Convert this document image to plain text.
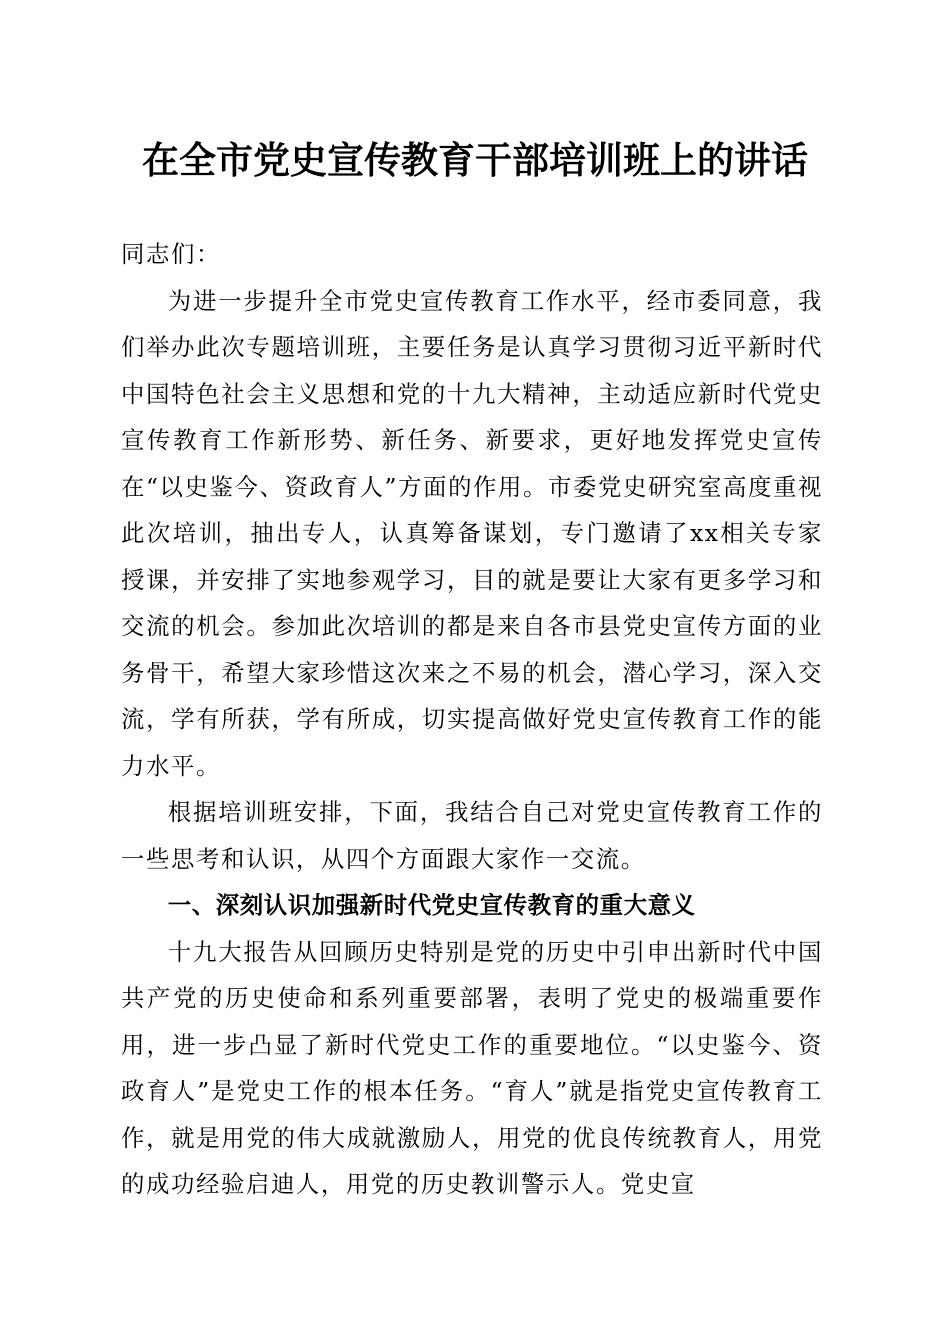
在全市党史宣传教育干部培训班上的讲话

同志们：

为进一步提升全市党史宣传教育工作水平，经市委同意，我们举办此次专题培训班，主要任务是认真学习贯彻习近平新时代中国特色社会主义思想和党的十九大精神，主动适应新时代党史宣传教育工作新形势、新任务、新要求，更好地发挥党史宣传在“以史鉴今、资政育人”方面的作用。市委党史研究室高度重视此次培训，抽出专人，认真筹备谋划，专门邀请了xx相关专家授课，并安排了实地参观学习，目的就是要让大家有更多学习和交流的机会。参加此次培训的都是来自各市县党史宣传方面的业务骨干，希望大家珍惜这次来之不易的机会，潜心学习，深入交流，学有所获，学有所成，切实提高做好党史宣传教育工作的能力水平。

根据培训班安排，下面，我结合自己对党史宣传教育工作的一些思考和认识，从四个方面跟大家作一交流。

一、深刻认识加强新时代党史宣传教育的重大意义

十九大报告从回顾历史特别是党的历史中引申出新时代中国共产党的历史使命和系列重要部署，表明了党史的极端重要作用，进一步凸显了新时代党史工作的重要地位。“以史鉴今、资政育人”是党史工作的根本任务。“育人”就是指党史宣传教育工作，就是用党的伟大成就激励人，用党的优良传统教育人，用党的成功经验启迪人，用党的历史教训警示人。党史宣
